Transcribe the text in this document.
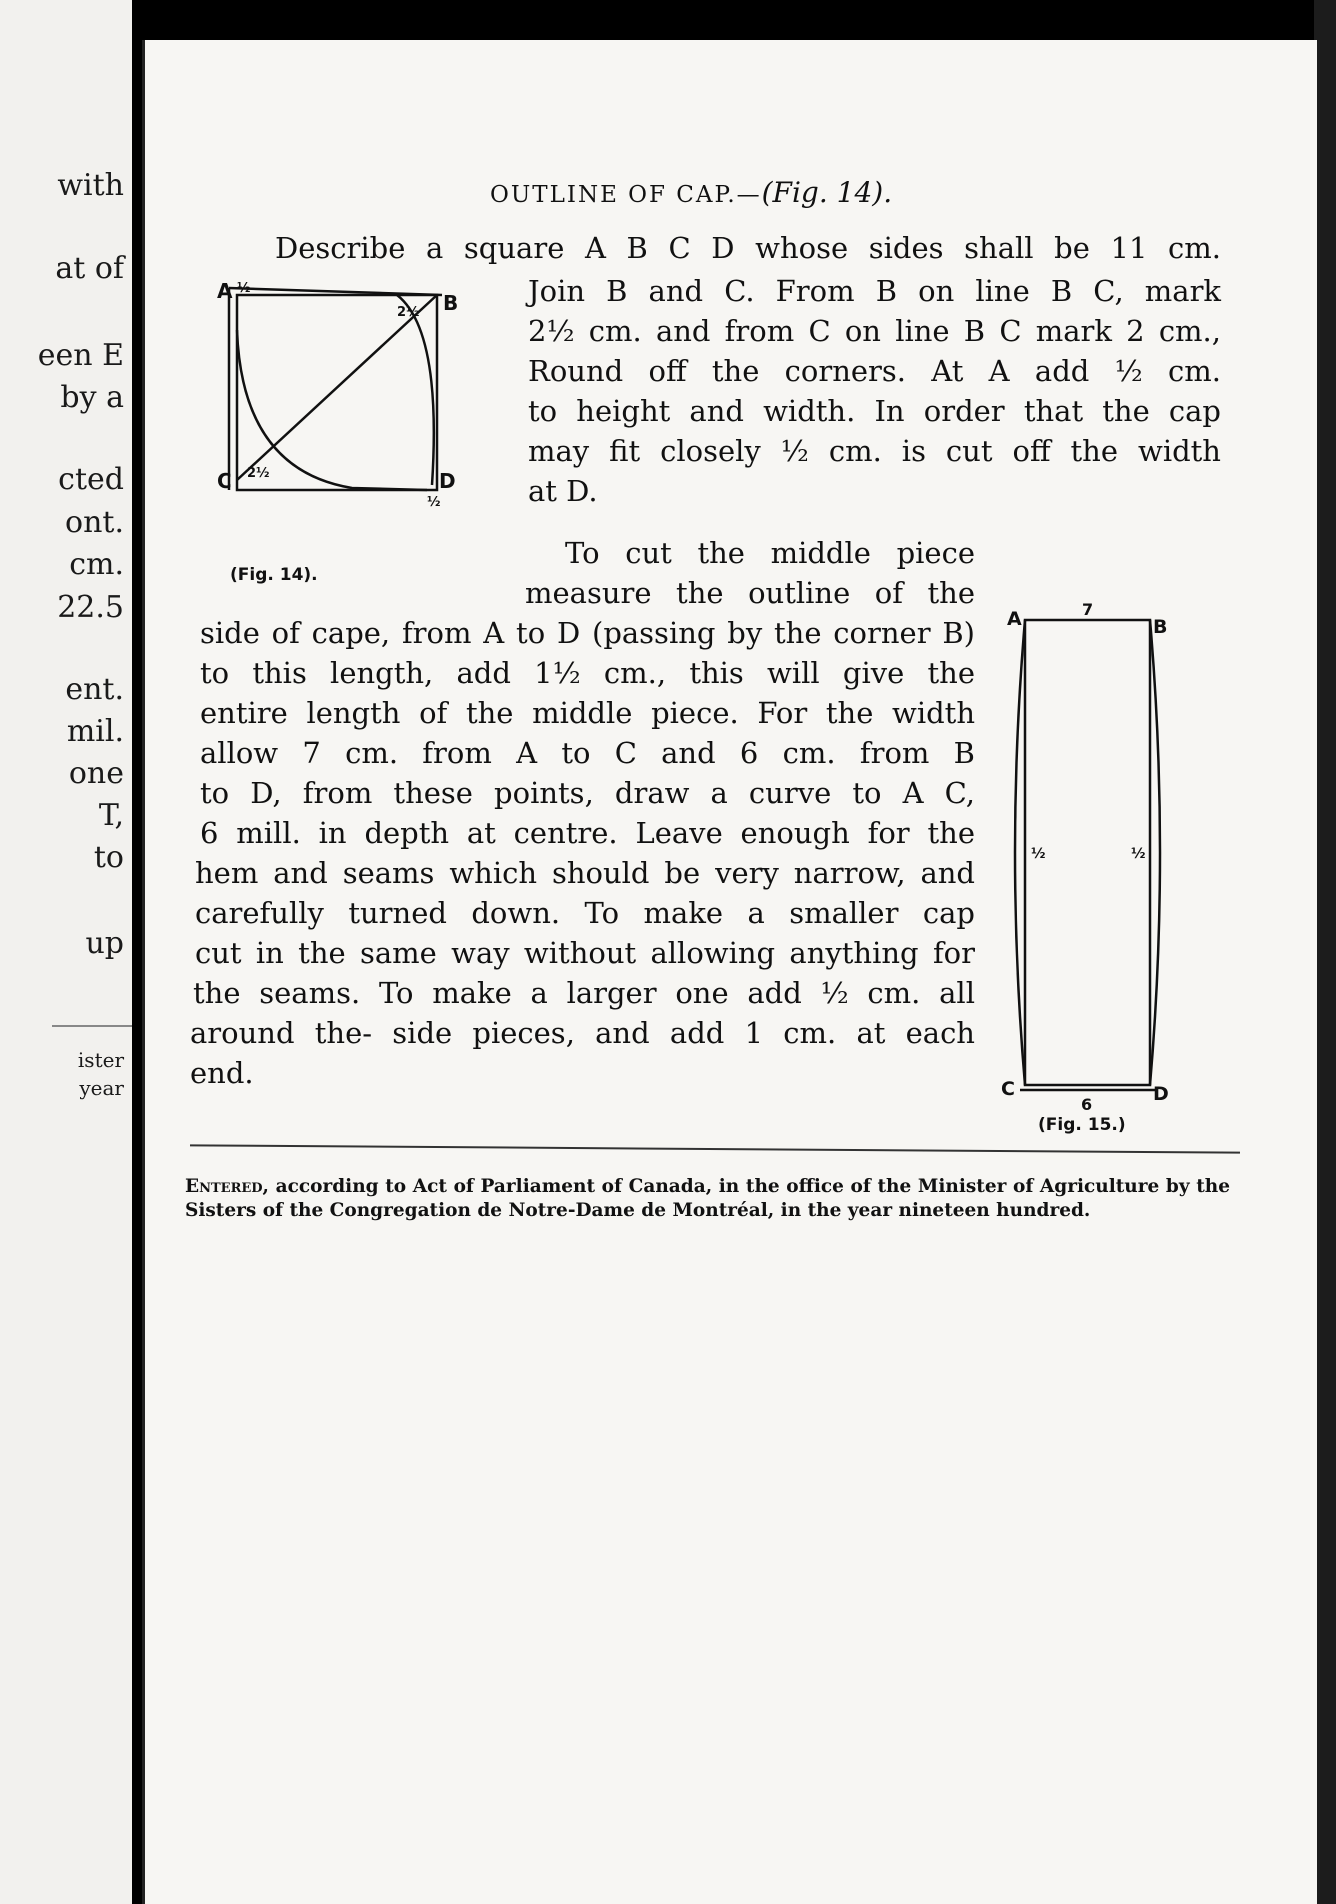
with
at of
een E
by a
cted
ont.
cm.
22.5
ent.
mil.
one
T,
to
up
ister
year
OUTLINE OF CAP.—(Fig. 14).
Describe a square A B C D whose sides shall be 11 cm.
Join B and C. From B on line B C, mark
2½ cm. and from C on line B C mark 2 cm.,
Round off the corners. At A add ½ cm.
to height and width. In order that the cap
may fit closely ½ cm. is cut off the width
at D.
To cut the middle piece
measure the outline of the
side of cape, from A to D (passing by the corner B)
to this length, add 1½ cm., this will give the
entire length of the middle piece. For the width
allow 7 cm. from A to C and 6 cm. from B
to D, from these points, draw a curve to A C,
6 mill. in depth at centre. Leave enough for the
hem and seams which should be very narrow, and
carefully turned down. To make a smaller cap
cut in the same way without allowing anything for
the seams. To make a larger one add ½ cm. all
around the- side pieces, and add 1 cm. at each
end.
A ½
B
2½
C 2½	D
½
(Fig. 14).
A	7
B
½	½
C
6	D
(Fig. 15.)
Entered, according to Act of Parliament of Canada, in the office of the Minister of Agriculture by the Sisters of the Congregation de Notre-Dame de Montréal, in the year nineteen hundred.
